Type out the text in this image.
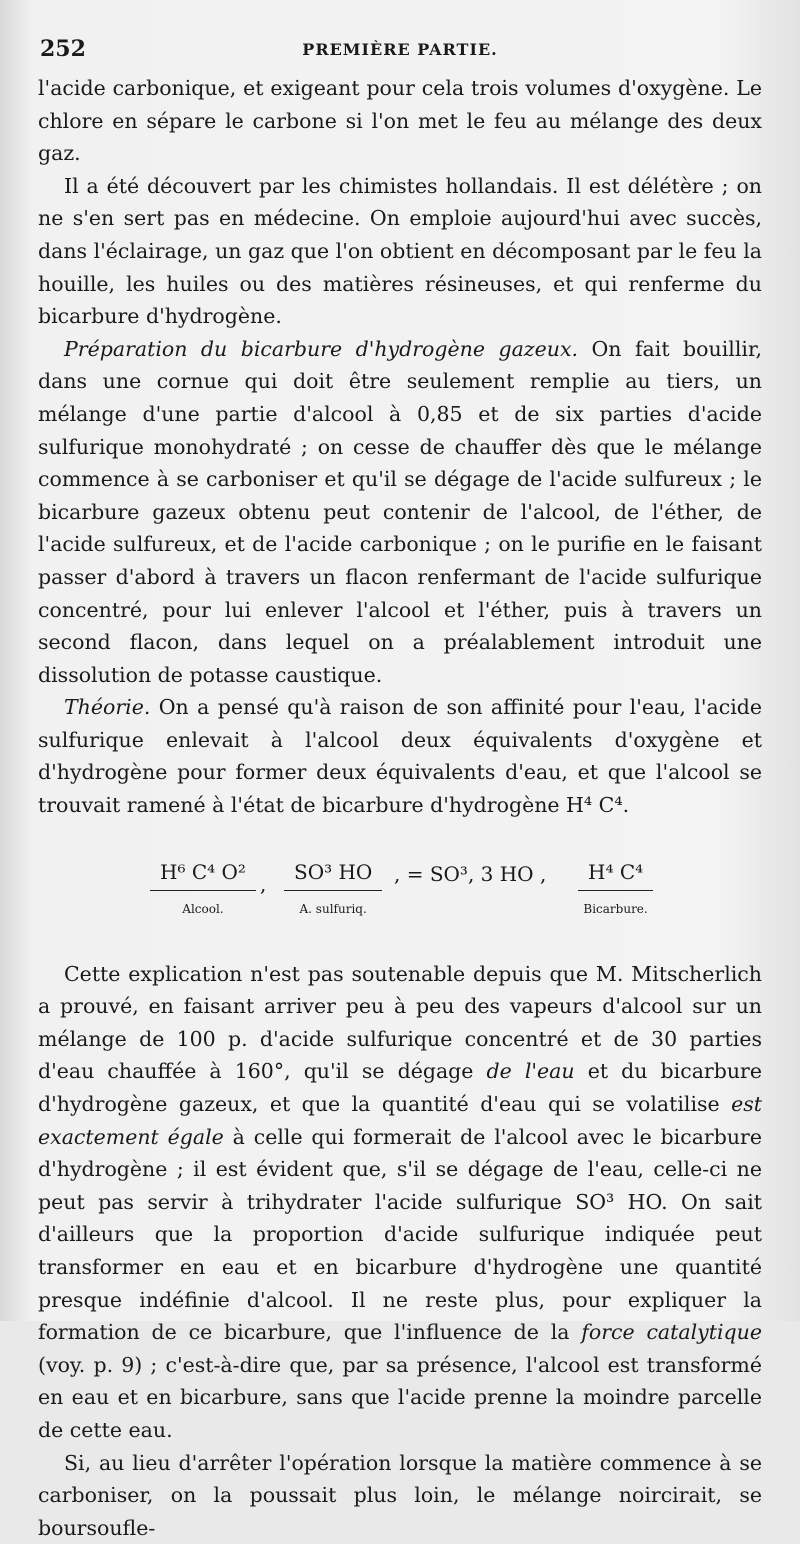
252	PREMIÈRE PARTIE.

l'acide carbonique, et exigeant pour cela trois volumes d'oxygène. Le chlore en sépare le carbone si l'on met le feu au mélange des deux gaz.

Il a été découvert par les chimistes hollandais. Il est délétère ; on ne s'en sert pas en médecine. On emploie aujourd'hui avec succès, dans l'éclairage, un gaz que l'on obtient en décomposant par le feu la houille, les huiles ou des matières résineuses, et qui renferme du bicarbure d'hydrogène.

Préparation du bicarbure d'hydrogène gazeux. On fait bouillir, dans une cornue qui doit être seulement remplie au tiers, un mélange d'une partie d'alcool à 0,85 et de six parties d'acide sulfurique monohydraté ; on cesse de chauffer dès que le mélange commence à se carboniser et qu'il se dégage de l'acide sulfureux ; le bicarbure gazeux obtenu peut contenir de l'alcool, de l'éther, de l'acide sulfureux, et de l'acide carbonique ; on le purifie en le faisant passer d'abord à travers un flacon renfermant de l'acide sulfurique concentré, pour lui enlever l'alcool et l'éther, puis à travers un second flacon, dans lequel on a préalablement introduit une dissolution de potasse caustique.

Théorie. On a pensé qu'à raison de son affinité pour l'eau, l'acide sulfurique enlevait à l'alcool deux équivalents d'oxygène et d'hydrogène pour former deux équivalents d'eau, et que l'alcool se trouvait ramené à l'état de bicarbure d'hydrogène H⁴ C⁴.

H⁶ C⁴ O²
Alcool.
,	SO³ HO
A. sulfuriq.
, = SO³, 3 HO ,	H⁴ C⁴
Bicarbure.

Cette explication n'est pas soutenable depuis que M. Mitscherlich a prouvé, en faisant arriver peu à peu des vapeurs d'alcool sur un mélange de 100 p. d'acide sulfurique concentré et de 30 parties d'eau chauffée à 160°, qu'il se dégage de l'eau et du bicarbure d'hydrogène gazeux, et que la quantité d'eau qui se volatilise est exactement égale à celle qui formerait de l'alcool avec le bicarbure d'hydrogène ; il est évident que, s'il se dégage de l'eau, celle-ci ne peut pas servir à trihydrater l'acide sulfurique SO³ HO. On sait d'ailleurs que la proportion d'acide sulfurique indiquée peut transformer en eau et en bicarbure d'hydrogène une quantité presque indéfinie d'alcool. Il ne reste plus, pour expliquer la formation de ce bicarbure, que l'influence de la force catalytique (voy. p. 9) ; c'est-à-dire que, par sa présence, l'alcool est transformé en eau et en bicarbure, sans que l'acide prenne la moindre parcelle de cette eau.

Si, au lieu d'arrêter l'opération lorsque la matière commence à se carboniser, on la poussait plus loin, le mélange noircirait, se boursoufle-
